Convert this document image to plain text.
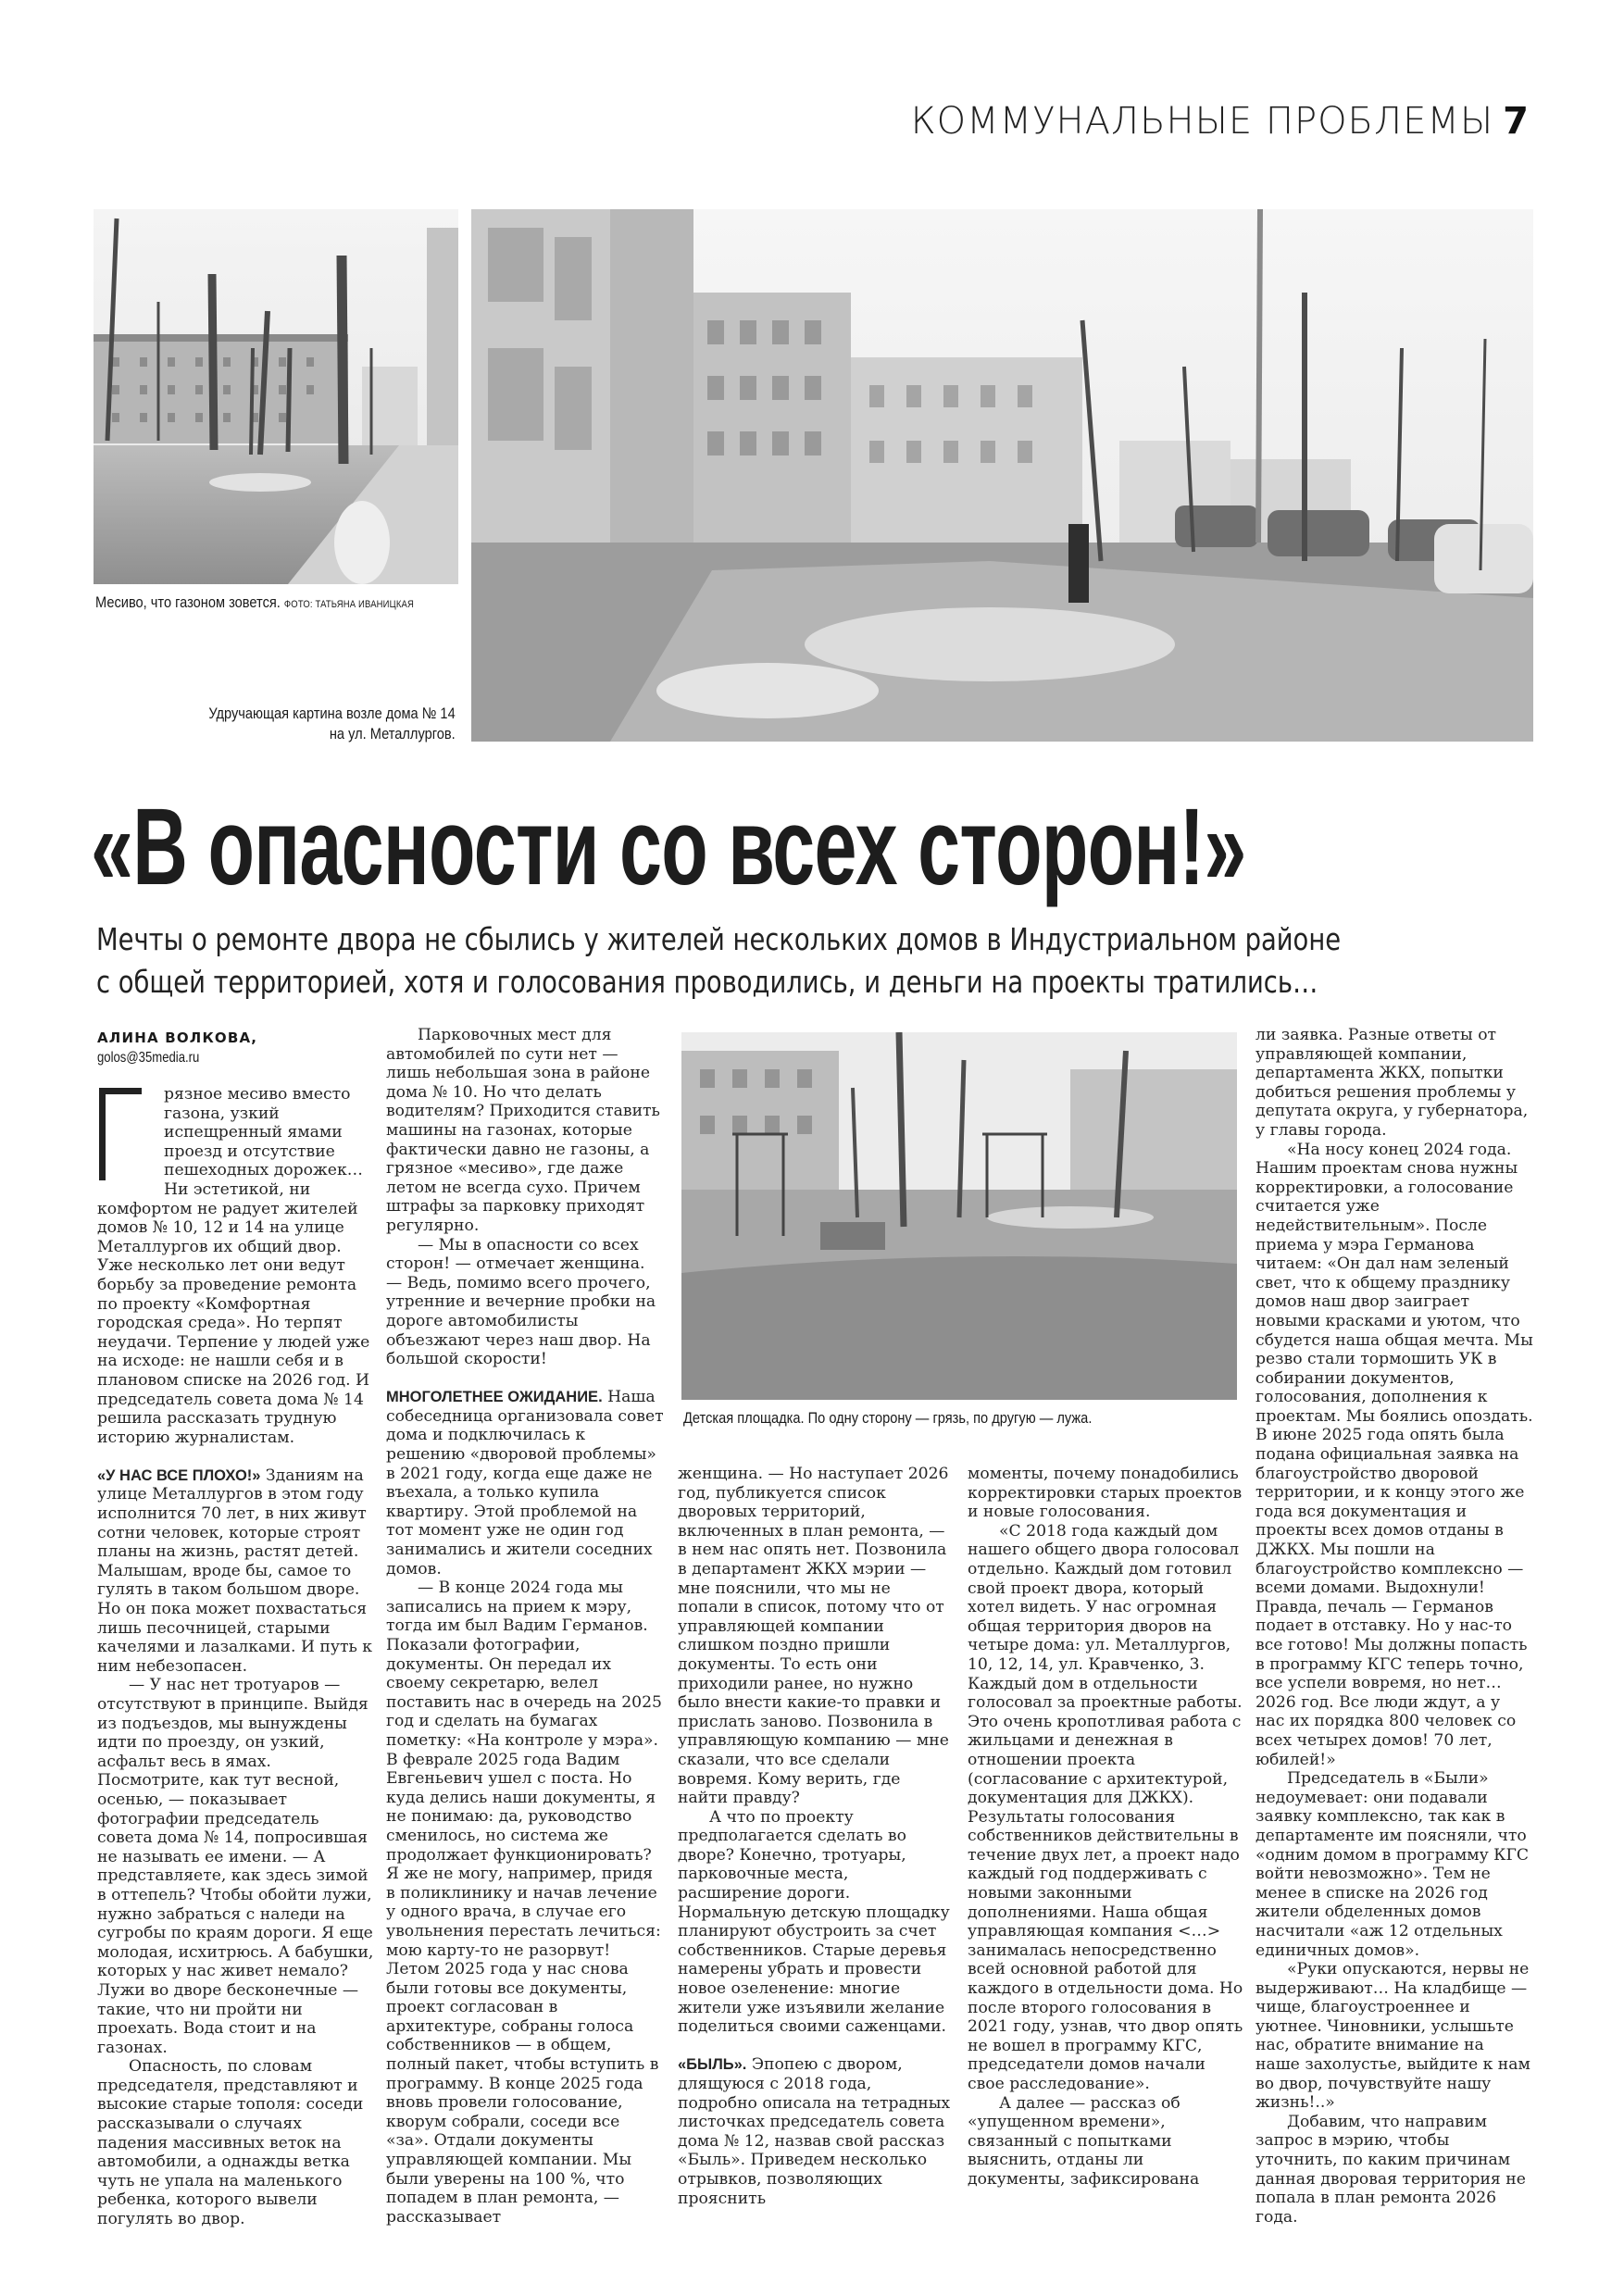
КОММУНАЛЬНЫЕ ПРОБЛЕМЫ 7
Месиво, что газоном зовется. ФОТО: ТАТЬЯНА ИВАНИЦКАЯ
Удручающая картина возле дома № 14
на ул. Металлургов.
«В опасности со всех сторон!»
Мечты о ремонте двора не сбылись у жителей нескольких домов в Индустриальном районе
с общей территорией, хотя и голосования проводились, и деньги на проекты тратились…
АЛИНА ВОЛКОВА,
golos@35media.ru

рязное месиво вместо газона, узкий испещренный ямами проезд и отсутствие пешеходных дорожек… Ни эстетикой, ни комфортом не радует жителей домов № 10, 12 и 14 на улице Металлургов их общий двор. Уже несколько лет они ведут борьбу за проведение ремонта по проекту «Комфортная городская среда». Но терпят неудачи. Терпение у людей уже на исходе: не нашли себя и в плановом списке на 2026 год. И председатель совета дома № 14 решила рассказать трудную историю журналистам.

«У НАС ВСЕ ПЛОХО!» Зданиям на улице Металлургов в этом году исполнится 70 лет, в них живут сотни человек, которые строят планы на жизнь, растят детей. Малышам, вроде бы, самое то гулять в таком большом дворе. Но он пока может похвастаться лишь песочницей, старыми качелями и лазалками. И путь к ним небезопасен.

— У нас нет тротуаров — отсутствуют в принципе. Выйдя из подъездов, мы вынуждены идти по проезду, он узкий, асфальт весь в ямах. Посмотрите, как тут весной, осенью, — показывает фотографии председатель совета дома № 14, попросившая не называть ее имени. — А представляете, как здесь зимой в оттепель? Чтобы обойти лужи, нужно забраться с наледи на сугробы по краям дороги. Я еще молодая, исхитрюсь. А бабушки, которых у нас живет немало? Лужи во дворе бесконечные — такие, что ни пройти ни проехать. Вода стоит и на газонах.

Опасность, по словам председателя, представляют и высокие старые тополя: соседи рассказывали о случаях падения массивных веток на автомобили, а однажды ветка чуть не упала на маленького ребенка, которого вывели погулять во двор.

Парковочных мест для автомобилей по сути нет — лишь небольшая зона в районе дома № 10. Но что делать водителям? Приходится ставить машины на газонах, которые фактически давно не газоны, а грязное «месиво», где даже летом не всегда сухо. Причем штрафы за парковку приходят регулярно.

— Мы в опасности со всех сторон! — отмечает женщина. — Ведь, помимо всего прочего, утренние и вечерние пробки на дороге автомобилисты объезжают через наш двор. На большой скорости!

МНОГОЛЕТНЕЕ ОЖИДАНИЕ. Наша собеседница организовала совет дома и подключилась к решению «дворовой проблемы» в 2021 году, когда еще даже не въехала, а только купила квартиру. Этой проблемой на тот момент уже не один год занимались и жители соседних домов.

— В конце 2024 года мы записались на прием к мэру, тогда им был Вадим Германов. Показали фотографии, документы. Он передал их своему секретарю, велел поставить нас в очередь на 2025 год и сделать на бумагах пометку: «На контроле у мэра». В феврале 2025 года Вадим Евгеньевич ушел с поста. Но куда делись наши документы, я не понимаю: да, руководство сменилось, но система же продолжает функционировать? Я же не могу, например, придя в поликлинику и начав лечение у одного врача, в случае его увольнения перестать лечиться: мою карту-то не разорвут! Летом 2025 года у нас снова были готовы все документы, проект согласован в архитектуре, собраны голоса собственников — в общем, полный пакет, чтобы вступить в программу. В конце 2025 года вновь провели голосование, кворум собрали, соседи все «за». Отдали документы управляющей компании. Мы были уверены на 100 %, что попадем в план ремонта, — рассказывает

Детская площадка. По одну сторону — грязь, по другую — лужа.

женщина. — Но наступает 2026 год, публикуется список дворовых территорий, включенных в план ремонта, — в нем нас опять нет. Позвонила в департамент ЖКХ мэрии — мне пояснили, что мы не попали в список, потому что от управляющей компании слишком поздно пришли документы. То есть они приходили ранее, но нужно было внести какие-то правки и прислать заново. Позвонила в управляющую компанию — мне сказали, что все сделали вовремя. Кому верить, где найти правду?

А что по проекту предполагается сделать во дворе? Конечно, тротуары, парковочные места, расширение дороги. Нормальную детскую площадку планируют обустроить за счет собственников. Старые деревья намерены убрать и провести новое озеленение: многие жители уже изъявили желание поделиться своими саженцами.

«БЫЛЬ». Эпопею с двором, длящуюся с 2018 года, подробно описала на тетрадных листочках председатель совета дома № 12, назвав свой рассказ «Быль». Приведем несколько отрывков, позволяющих прояснить

моменты, почему понадобились корректировки старых проектов и новые голосования.

«С 2018 года каждый дом нашего общего двора голосовал отдельно. Каждый дом готовил свой проект двора, который хотел видеть. У нас огромная общая территория дворов на четыре дома: ул. Металлургов, 10, 12, 14, ул. Кравченко, 3. Каждый дом в отдельности голосовал за проектные работы. Это очень кропотливая работа с жильцами и денежная в отношении проекта (согласование с архитектурой, документация для ДЖКХ). Результаты голосования собственников действительны в течение двух лет, а проект надо каждый год поддерживать с новыми законными дополнениями. Наша общая управляющая компания <…> занималась непосредственно всей основной работой для каждого в отдельности дома. Но после второго голосования в 2021 году, узнав, что двор опять не вошел в программу КГС, председатели домов начали свое расследование».

А далее — рассказ об «упущенном времени», связанный с попытками выяснить, отданы ли документы, зафиксирована

ли заявка. Разные ответы от управляющей компании, департамента ЖКХ, попытки добиться решения проблемы у депутата округа, у губернатора, у главы города.

«На носу конец 2024 года. Нашим проектам снова нужны корректировки, а голосование считается уже недействительным». После приема у мэра Германова читаем: «Он дал нам зеленый свет, что к общему празднику домов наш двор заиграет новыми красками и уютом, что сбудется наша общая мечта. Мы резво стали тормошить УК в собирании документов, голосования, дополнения к проектам. Мы боялись опоздать. В июне 2025 года опять была подана официальная заявка на благоустройство дворовой территории, и к концу этого же года вся документация и проекты всех домов отданы в ДЖКХ. Мы пошли на благоустройство комплексно — всеми домами. Выдохнули! Правда, печаль — Германов подает в отставку. Но у нас-то все готово! Мы должны попасть в программу КГС теперь точно, все успели вовремя, но нет… 2026 год. Все люди ждут, а у нас их порядка 800 человек со всех четырех домов! 70 лет, юбилей!»

Председатель в «Были» недоумевает: они подавали заявку комплексно, так как в департаменте им поясняли, что «одним домом в программу КГС войти невозможно». Тем не менее в списке на 2026 год жители обделенных домов насчитали «аж 12 отдельных единичных домов».

«Руки опускаются, нервы не выдерживают… На кладбище — чище, благоустроеннее и уютнее. Чиновники, услышьте нас, обратите внимание на наше захолустье, выйдите к нам во двор, почувствуйте нашу жизнь!..»

Добавим, что направим запрос в мэрию, чтобы уточнить, по каким причинам данная дворовая территория не попала в план ремонта 2026 года.
